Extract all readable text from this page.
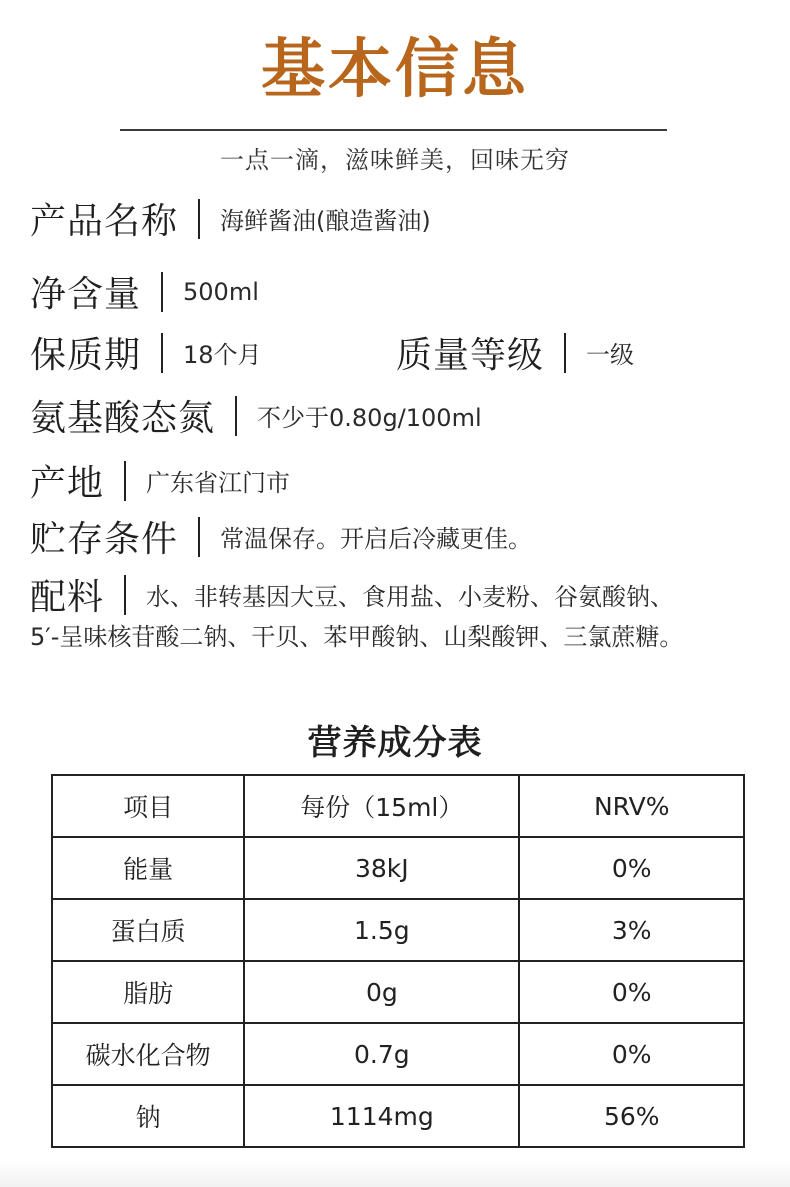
基本信息
一点一滴，滋味鲜美，回味无穷
产品名称 海鲜酱油(酿造酱油)
净含量 500ml
保质期 18个月	质量等级 一级
氨基酸态氮 不少于0.80g/100ml
产地 广东省江门市
贮存条件 常温保存。开启后冷藏更佳。
配料 水、非转基因大豆、食用盐、小麦粉、谷氨酸钠、
5′-呈味核苷酸二钠、干贝、苯甲酸钠、山梨酸钾、三氯蔗糖。
营养成分表
项目	每份（15ml）	NRV%
能量	38kJ	0%
蛋白质	1.5g	3%
脂肪	0g	0%
碳水化合物	0.7g	0%
钠	1114mg	56%
